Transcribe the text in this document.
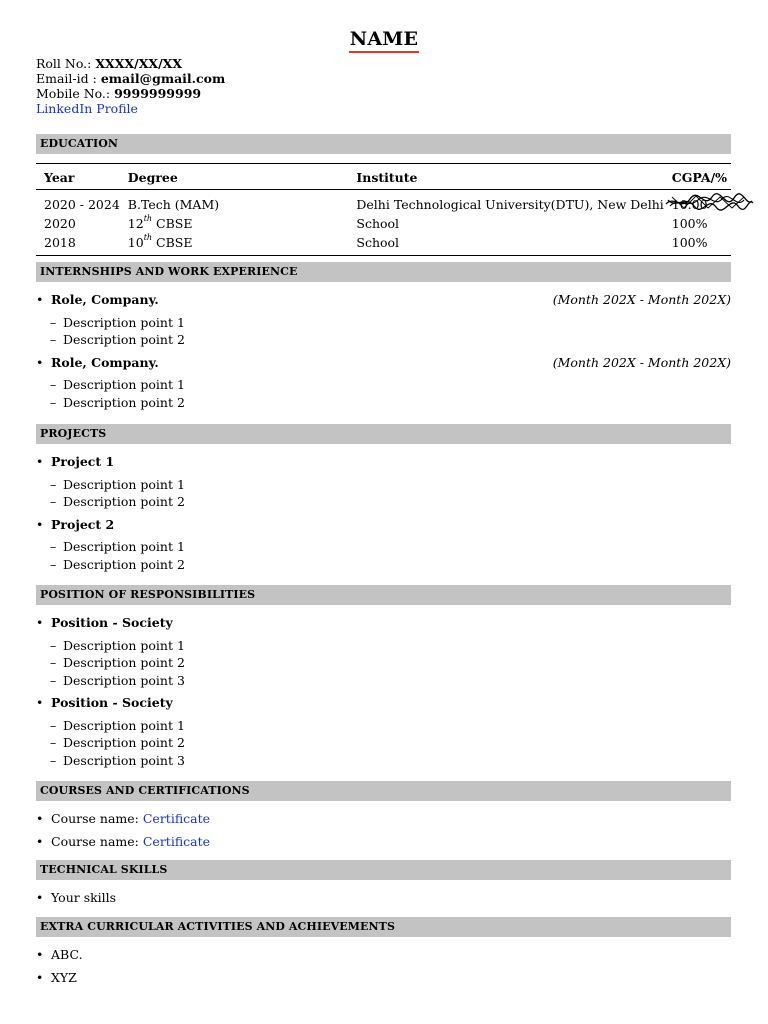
NAME
Roll No.: XXXX/XX/XX
Email-id : email@gmail.com
Mobile No.: 9999999999
LinkedIn Profile
EDUCATION
Year	Degree	Institute	CGPA/%
2020 - 2024	B.Tech (MAM)	Delhi Technological University(DTU), New Delhi	10.00

2020	12th CBSE	School	100%
2018	10th CBSE	School	100%
INTERNSHIPS AND WORK EXPERIENCE
• Role, Company.	(Month 202X - Month 202X)
– Description point 1
– Description point 2
• Role, Company.	(Month 202X - Month 202X)
– Description point 1
– Description point 2
PROJECTS
• Project 1
– Description point 1
– Description point 2
• Project 2
– Description point 1
– Description point 2
POSITION OF RESPONSIBILITIES
• Position - Society
– Description point 1
– Description point 2
– Description point 3
• Position - Society
– Description point 1
– Description point 2
– Description point 3
COURSES AND CERTIFICATIONS
• Course name: Certificate
• Course name: Certificate
TECHNICAL SKILLS
• Your skills
EXTRA CURRICULAR ACTIVITIES AND ACHIEVEMENTS
• ABC.
• XYZ
